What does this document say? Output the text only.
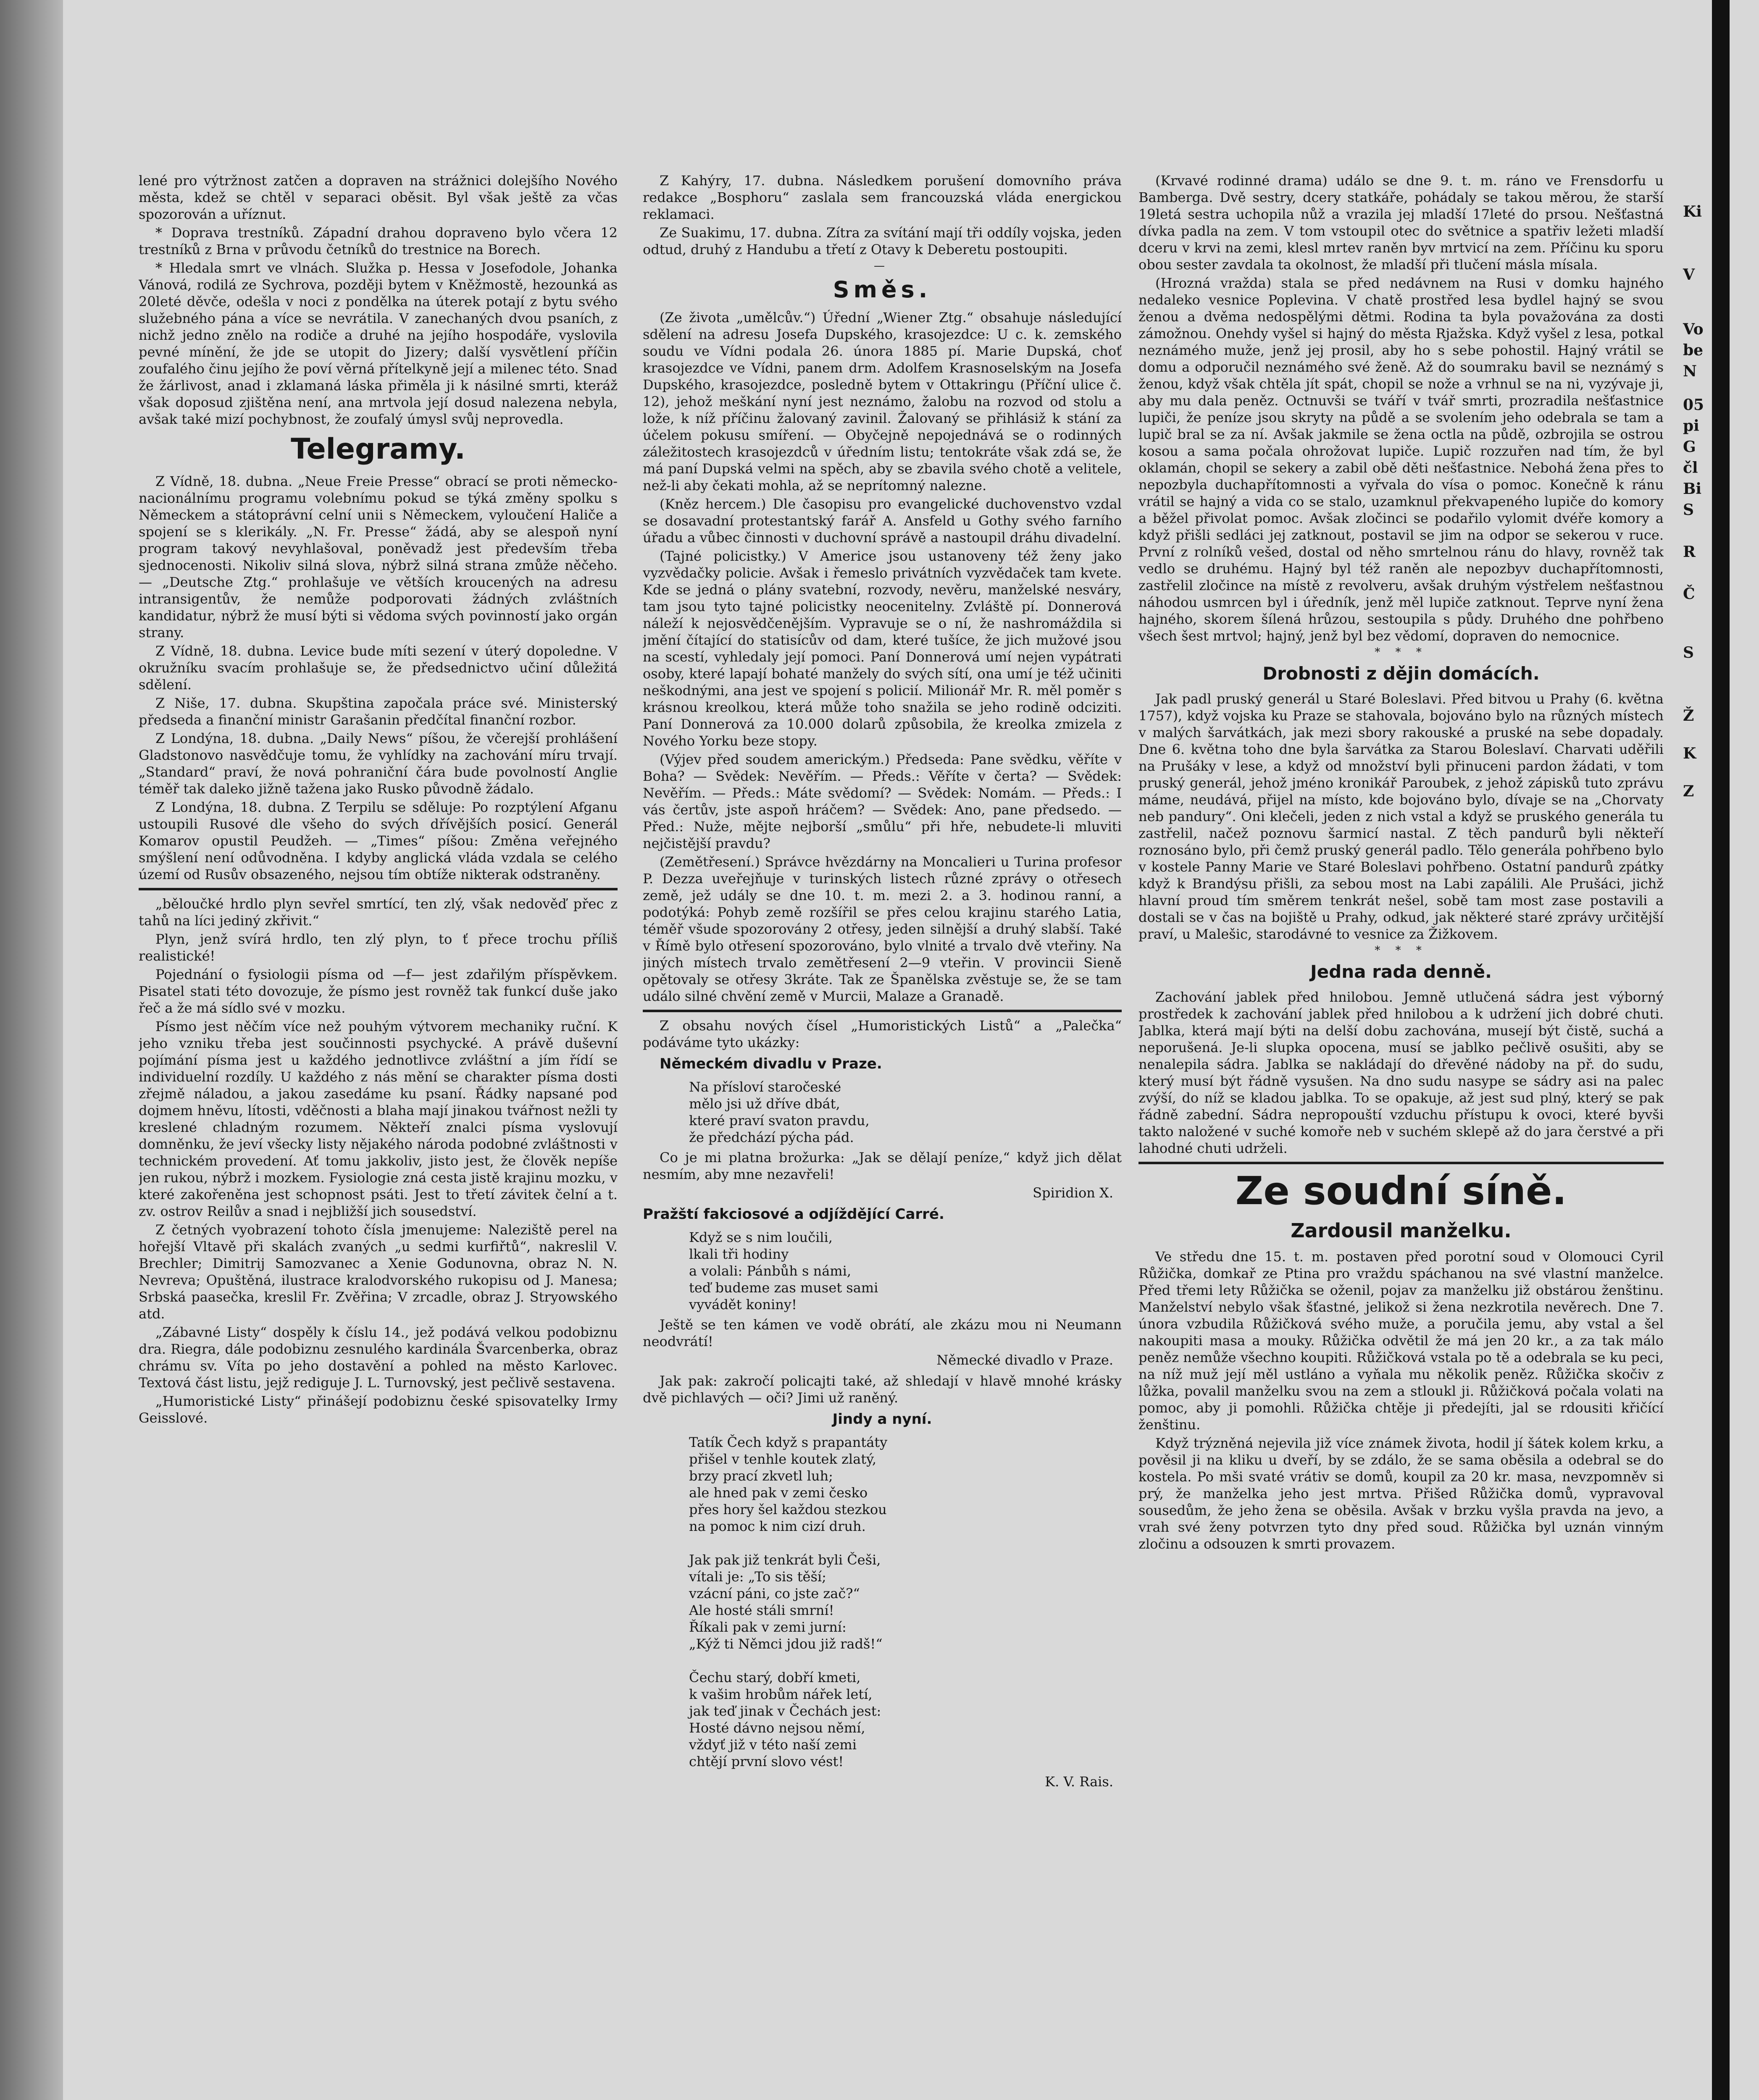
lené pro výtržnost zatčen a dopraven na strážnici dolejšího Nového města, kdež se chtěl v separaci oběsit. Byl však ještě za včas spozorován a uříznut.

* Doprava trestníků. Západní drahou dopraveno bylo včera 12 trestníků z Brna v průvodu četníků do trestnice na Borech.

* Hledala smrt ve vlnách. Služka p. Hessa v Josefodole, Johanka Vánová, rodilá ze Sychrova, později bytem v Kněžmostě, hezounká as 20leté děvče, odešla v noci z pondělka na úterek potají z bytu svého služebného pána a více se nevrátila. V zanechaných dvou psaních, z nichž jedno znělo na rodiče a druhé na jejího hospodáře, vyslovila pevné mínění, že jde se utopit do Jizery; další vysvětlení příčin zoufalého činu jejího že poví věrná přítelkyně její a milenec této. Snad že žárlivost, anad i zklamaná láska přiměla ji k násilné smrti, kteráž však doposud zjištěna není, ana mrtvola její dosud nalezena nebyla, avšak také mizí pochybnost, že zoufalý úmysl svůj neprovedla.

Telegramy.

Z Vídně, 18. dubna. „Neue Freie Presse“ obrací se proti německo-nacionálnímu programu volebnímu pokud se týká změny spolku s Německem a státoprávní celní unii s Německem, vyloučení Haliče a spojení se s klerikály. „N. Fr. Presse“ žádá, aby se alespoň nyní program takový nevyhlašoval, poněvadž jest především třeba sjednocenosti. Nikoliv silná slova, nýbrž silná strana zmůže něčeho. — „Deutsche Ztg.“ prohlašuje ve větších kroucených na adresu intransigentův, že nemůže podporovati žádných zvláštních kandidatur, nýbrž že musí býti si vědoma svých povinností jako orgán strany.

Z Vídně, 18. dubna. Levice bude míti sezení v úterý dopoledne. V okružníku svacím prohlašuje se, že předsednictvo učiní důležitá sdělení.

Z Niše, 17. dubna. Skupština započala práce své. Ministerský předseda a finanční ministr Garašanin předčítal finanční rozbor.

Z Londýna, 18. dubna. „Daily News“ píšou, že včerejší prohlášení Gladstonovo nasvědčuje tomu, že vyhlídky na zachování míru trvají. „Standard“ praví, že nová pohraniční čára bude povolností Anglie téměř tak daleko jižně tažena jako Rusko původně žádalo.

Z Londýna, 18. dubna. Z Terpilu se sděluje: Po rozptýlení Afganu ustoupili Rusové dle všeho do svých dřívějších posicí. Generál Komarov opustil Peudžeh. — „Times“ píšou: Změna veřejného smýšlení není odůvodněna. I kdyby anglická vláda vzdala se celého území od Rusův obsazeného, nejsou tím obtíže nikterak odstraněny.

„běloučké hrdlo plyn sevřel smrtící, ten zlý, však nedověď přec z tahů na líci jediný zkřivit.“

Plyn, jenž svírá hrdlo, ten zlý plyn, to ť přece trochu příliš realistické!

Pojednání o fysiologii písma od —f— jest zdařilým příspěvkem. Pisatel stati této dovozuje, že písmo jest rovněž tak funkcí duše jako řeč a že má sídlo své v mozku.

Písmo jest něčím více než pouhým výtvorem mechaniky ruční. K jeho vzniku třeba jest součinnosti psychycké. A právě duševní pojímání písma jest u každého jednotlivce zvláštní a jím řídí se individuelní rozdíly. U každého z nás mění se charakter písma dosti zřejmě náladou, a jakou zasedáme ku psaní. Řádky napsané pod dojmem hněvu, lítosti, vděčnosti a blaha mají jinakou tvářnost nežli ty kreslené chladným rozumem. Někteří znalci písma vyslovují domněnku, že jeví všecky listy nějakého národa podobné zvláštnosti v technickém provedení. Ať tomu jakkoliv, jisto jest, že člověk nepíše jen rukou, nýbrž i mozkem. Fysiologie zná cesta jistě krajinu mozku, v které zakořeněna jest schopnost psáti. Jest to třetí závitek čelní a t. zv. ostrov Reilův a snad i nejbližší jich sousedství.

Z četných vyobrazení tohoto čísla jmenujeme: Naleziště perel na hořejší Vltavě při skalách zvaných „u sedmi kurfiřtů“, nakreslil V. Brechler; Dimitrij Samozvanec a Xenie Godunovna, obraz N. N. Nevreva; Opuštěná, ilustrace kralodvorského rukopisu od J. Manesa; Srbská paasečka, kreslil Fr. Zvěřina; V zrcadle, obraz J. Stryowského atd.

„Zábavné Listy“ dospěly k číslu 14., jež podává velkou podobiznu dra. Riegra, dále podobiznu zesnulého kardinála Švarcenberka, obraz chrámu sv. Víta po jeho dostavění a pohled na město Karlovec. Textová část listu, jejž rediguje J. L. Turnovský, jest pečlivě sestavena.

„Humoristické Listy“ přinášejí podobiznu české spisovatelky Irmy Geisslové.

Z Kahýry, 17. dubna. Následkem porušení domovního práva redakce „Bosphoru“ zaslala sem francouzská vláda energickou reklamaci.

Ze Suakimu, 17. dubna. Zítra za svítání mají tři oddíly vojska, jeden odtud, druhý z Handubu a třetí z Otavy k Deberetu postoupiti.

—
Směs.

(Ze života „umělcův.“) Úřední „Wiener Ztg.“ obsahuje následující sdělení na adresu Josefa Dupského, krasojezdce: U c. k. zemského soudu ve Vídni podala 26. února 1885 pí. Marie Dupská, choť krasojezdce ve Vídni, panem drm. Adolfem Krasnoselským na Josefa Dupského, krasojezdce, posledně bytem v Ottakringu (Příční ulice č. 12), jehož meškání nyní jest neznámo, žalobu na rozvod od stolu a lože, k níž příčinu žalovaný zavinil. Žalovaný se přihlásiž k stání za účelem pokusu smíření. — Obyčejně nepojednává se o rodinných záležitostech krasojezdců v úředním listu; tentokráte však zdá se, že má paní Dupská velmi na spěch, aby se zbavila svého chotě a velitele, než-li aby čekati mohla, až se neprítomný nalezne.

(Kněz hercem.) Dle časopisu pro evangelické duchovenstvo vzdal se dosavadní protestantský farář A. Ansfeld u Gothy svého farního úřadu a vůbec činnosti v duchovní správě a nastoupil dráhu divadelní.

(Tajné policistky.) V Americe jsou ustanoveny též ženy jako vyzvědačky policie. Avšak i řemeslo privátních vyzvědaček tam kvete. Kde se jedná o plány svatební, rozvody, nevěru, manželské nesváry, tam jsou tyto tajné policistky neocenitelny. Zvláště pí. Donnerová náleží k nejosvědčenějším. Vypravuje se o ní, že nashromáždila si jmění čítající do statisícův od dam, které tušíce, že jich mužové jsou na scestí, vyhledaly její pomoci. Paní Donnerová umí nejen vypátrati osoby, které lapají bohaté manžely do svých sítí, ona umí je též učiniti neškodnými, ana jest ve spojení s policií. Milionář Mr. R. měl poměr s krásnou kreolkou, která může toho snažila se jeho rodině odciziti. Paní Donnerová za 10.000 dolarů způsobila, že kreolka zmizela z Nového Yorku beze stopy.

(Výjev před soudem americkým.) Předseda: Pane svědku, věříte v Boha? — Svědek: Nevěřím. — Předs.: Věříte v čerta? — Svědek: Nevěřím. — Předs.: Máte svědomí? — Svědek: Nomám. — Předs.: I vás čertův, jste aspoň hráčem? — Svědek: Ano, pane předsedo. — Před.: Nuže, mějte nejborší „smůlu“ při hře, nebudete-li mluviti nejčistější pravdu?

(Zemětřesení.) Správce hvězdárny na Moncalieri u Turina profesor P. Dezza uveřejňuje v turinských listech různé zprávy o otřesech země, jež udály se dne 10. t. m. mezi 2. a 3. hodinou ranní, a podotýká: Pohyb země rozšířil se přes celou krajinu starého Latia, téměř všude spozorovány 2 otřesy, jeden silnější a druhý slabší. Také v Římě bylo otřesení spozorováno, bylo vlnité a trvalo dvě vteřiny. Na jiných místech trvalo zemětřesení 2—9 vteřin. V provincii Sieně opětovaly se otřesy 3kráte. Tak ze Španělska zvěstuje se, že se tam událo silné chvění země v Murcii, Malaze a Granadě.

Z obsahu nových čísel „Humoristických Listů“ a „Palečka“ podáváme tyto ukázky:

Německém divadlu v Praze.
Na přísloví staročeské
mělo jsi už dříve dbát,
které praví svaton pravdu,
že předchází pýcha pád.

Co je mi platna brožurka: „Jak se dělají peníze,“ když jich dělat nesmím, aby mne nezavřeli!

Spiridion X.
Pražští fakciosové a odjíždějící Carré.
Když se s nim loučili,
lkali tři hodiny
a volali: Pánbůh s námi,
teď budeme zas muset sami
vyvádět koniny!

Ještě se ten kámen ve vodě obrátí, ale zkázu mou ni Neumann neodvrátí!

Německé divadlo v Praze.

Jak pak: zakročí policajti také, až shledají v hlavě mnohé krásky dvě pichlavých — oči? Jimi už raněný.

Jindy a nyní.
Tatík Čech když s prapantáty
přišel v tenhle koutek zlatý,
brzy prací zkvetl luh;
ale hned pak v zemi česko
přes hory šel každou stezkou
na pomoc k nim cizí druh.
Jak pak již tenkrát byli Češi,
vítali je: „To sis těší;
vzácní páni, co jste zač?“
Ale hosté stáli smrní!
Říkali pak v zemi jurní:
„Kýž ti Němci jdou již radš!“
Čechu starý, dobří kmeti,
k vašim hrobům nářek letí,
jak teď jinak v Čechách jest:
Hosté dávno nejsou němí,
vždyť již v této naší zemi
chtějí první slovo vést!
K. V. Rais.

(Krvavé rodinné drama) událo se dne 9. t. m. ráno ve Frensdorfu u Bamberga. Dvě sestry, dcery statkáře, pohádaly se takou měrou, že starší 19letá sestra uchopila nůž a vrazila jej mladší 17leté do prsou. Nešťastná dívka padla na zem. V tom vstoupil otec do světnice a spatřiv ležeti mladší dceru v krvi na zemi, klesl mrtev raněn byv mrtvicí na zem. Příčinu ku sporu obou sester zavdala ta okolnost, že mladší při tlučení másla mísala.

(Hrozná vražda) stala se před nedávnem na Rusi v domku hajného nedaleko vesnice Poplevina. V chatě prostřed lesa bydlel hajný se svou ženou a dvěma nedospělými dětmi. Rodina ta byla považována za dosti zámožnou. Onehdy vyšel si hajný do města Rjažska. Když vyšel z lesa, potkal neznámého muže, jenž jej prosil, aby ho s sebe pohostil. Hajný vrátil se domu a odporučil neznámého své ženě. Až do soumraku bavil se neznámý s ženou, když však chtěla jít spát, chopil se nože a vrhnul se na ni, vyzývaje ji, aby mu dala peněz. Octnuvši se tváří v tvář smrti, prozradila nešťastnice lupiči, že peníze jsou skryty na půdě a se svolením jeho odebrala se tam a lupič bral se za ní. Avšak jakmile se žena octla na půdě, ozbrojila se ostrou kosou a sama počala ohrožovat lupiče. Lupič rozzuřen nad tím, že byl oklamán, chopil se sekery a zabil obě děti nešťastnice. Nebohá žena přes to nepozbyla duchapřítomnosti a vyřvala do vísa o pomoc. Konečně k ránu vrátil se hajný a vida co se stalo, uzamknul překvapeného lupiče do komory a běžel přivolat pomoc. Avšak zločinci se podařilo vylomit dvéře komory a když přišli sedláci jej zatknout, postavil se jim na odpor se sekerou v ruce. První z rolníků vešed, dostal od něho smrtelnou ránu do hlavy, rovněž tak vedlo se druhému. Hajný byl též raněn ale nepozbyv duchapřítomnosti, zastřelil zločince na místě z revolveru, avšak druhým výstřelem nešťastnou náhodou usmrcen byl i úředník, jenž měl lupiče zatknout. Teprve nyní žena hajného, skorem šílená hrůzou, sestoupila s půdy. Druhého dne pohřbeno všech šest mrtvol; hajný, jenž byl bez vědomí, dopraven do nemocnice.

* * *
Drobnosti z dějin domácích.

Jak padl pruský generál u Staré Boleslavi. Před bitvou u Prahy (6. května 1757), když vojska ku Praze se stahovala, bojováno bylo na různých místech v malých šarvátkách, jak mezi sbory rakouské a pruské na sebe dopadaly. Dne 6. května toho dne byla šarvátka za Starou Boleslaví. Charvati uděřili na Prušáky v lese, a když od množství byli přinuceni pardon žádati, v tom pruský generál, jehož jméno kronikář Paroubek, z jehož zápisků tuto zprávu máme, neudává, přijel na místo, kde bojováno bylo, dívaje se na „Chorvaty neb pandury“. Oni klečeli, jeden z nich vstal a když se pruského generála tu zastřelil, načež poznovu šarmicí nastal. Z těch pandurů byli někteří roznosáno bylo, při čemž pruský generál padlo. Tělo generála pohřbeno bylo v kostele Panny Marie ve Staré Boleslavi pohřbeno. Ostatní pandurů zpátky když k Brandýsu přišli, za sebou most na Labi zapálili. Ale Prušáci, jichž hlavní proud tím směrem tenkrát nešel, sobě tam most zase postavili a dostali se v čas na bojiště u Prahy, odkud, jak některé staré zprávy určitější praví, u Malešic, starodávné to vesnice za Žižkovem.

* * *
Jedna rada denně.

Zachování jablek před hnilobou. Jemně utlučená sádra jest výborný prostředek k zachování jablek před hnilobou a k udržení jich dobré chuti. Jablka, která mají býti na delší dobu zachována, musejí být čistě, suchá a neporušená. Je-li slupka opocena, musí se jablko pečlivě osušiti, aby se nenalepila sádra. Jablka se nakládají do dřevěné nádoby na př. do sudu, který musí být řádně vysušen. Na dno sudu nasype se sádry asi na palec zvýší, do níž se kladou jablka. To se opakuje, až jest sud plný, který se pak řádně zabední. Sádra nepropouští vzduchu přístupu k ovoci, které byvši takto naložené v suché komoře neb v suchém sklepě až do jara čerstvé a při lahodné chuti udrželi.

Ze soudní síně.
Zardousil manželku.

Ve středu dne 15. t. m. postaven před porotní soud v Olomouci Cyril Růžička, domkař ze Ptina pro vraždu spáchanou na své vlastní manželce. Před třemi lety Růžička se oženil, pojav za manželku již obstárou ženštinu. Manželství nebylo však šťastné, jelikož si žena nezkrotila nevěrech. Dne 7. února vzbudila Růžičková svého muže, a poručila jemu, aby vstal a šel nakoupiti masa a mouky. Růžička odvětil že má jen 20 kr., a za tak málo peněz nemůže všechno koupiti. Růžičková vstala po tě a odebrala se ku peci, na níž muž její měl ustláno a vyňala mu několik peněz. Růžička skočiv z lůžka, povalil manželku svou na zem a stloukl ji. Růžičková počala volati na pomoc, aby ji pomohli. Růžička chtěje ji předejíti, jal se rdousiti křičící ženštinu.

Když trýzněná nejevila již více známek života, hodil jí šátek kolem krku, a pověsil ji na kliku u dveří, by se zdálo, že se sama oběsila a odebral se do kostela. Po mši svaté vrátiv se domů, koupil za 20 kr. masa, nevzpomněv si prý, že manželka jeho jest mrtva. Přišed Růžička domů, vypravoval sousedům, že jeho žena se oběsila. Avšak v brzku vyšla pravda na jevo, a vrah své ženy potvrzen tyto dny před soud. Růžička byl uznán vinným zločinu a odsouzen k smrti provazem.

Ki
V
Vo
be
N
05
pi
G
čl
Bi
S
R
Č
S
Ž
K
Z
